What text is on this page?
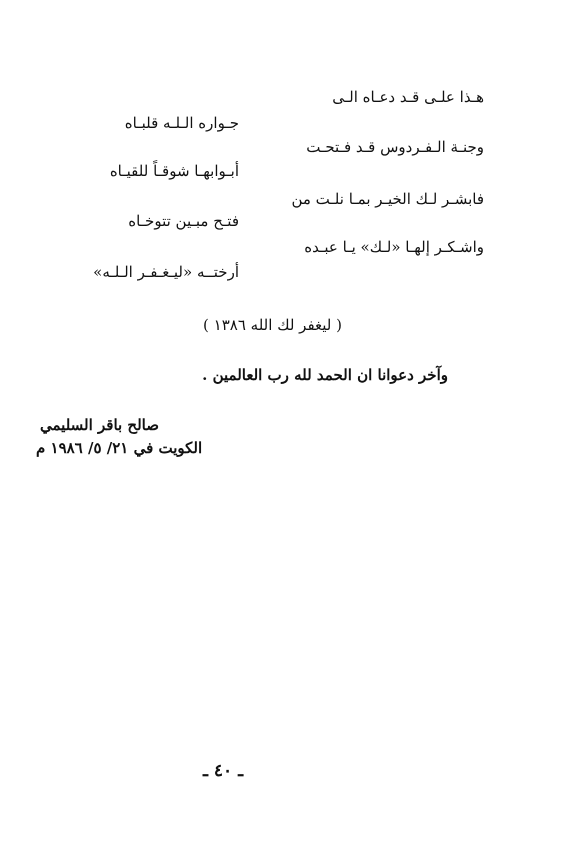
هـذا علـى قـد دعـاه الـى
جـواره الـلـه قلبـاه
وجنـة الـفـردوس قـد فـتحـت
أبـوابهـا شوقـاً للقيـاه
فابشـر لـك الخيـر بمـا نلـت من
فتـح مبـين تتوخـاه
واشـكـر إلهـا «لـك» يـا عبـده
أرختــه «ليـغـفـر الـلـه»
( ليغفر لك الله ١٣٨٦ )
وآخر دعوانا ان الحمد لله رب العالمين .
صالح باقر السليمي
الكويت في ٢١/ ٥/ ١٩٨٦ م
ـ ٤٠ ـ
